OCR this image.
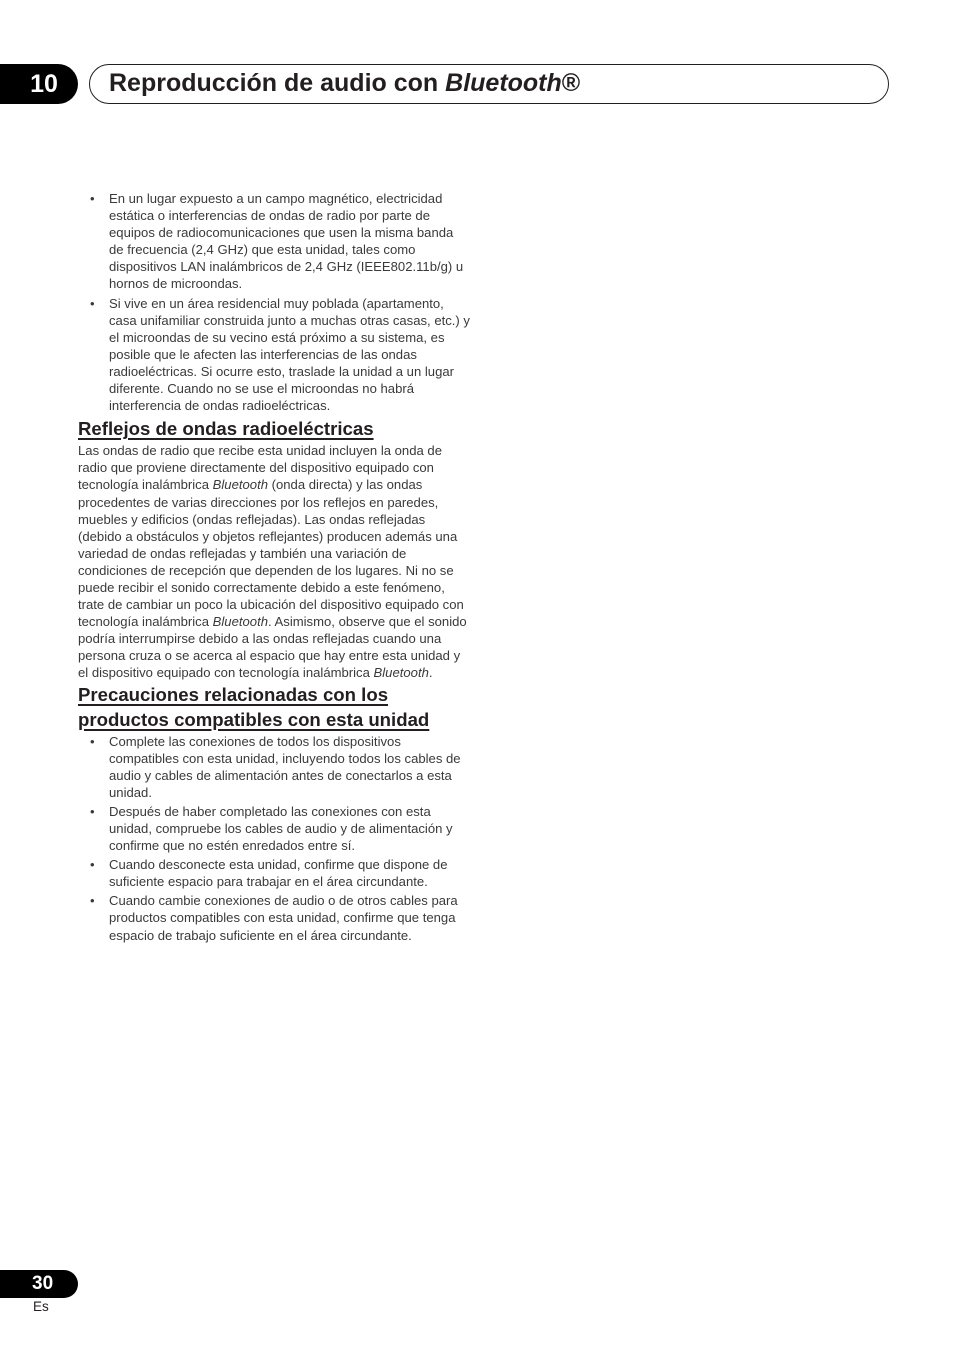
10	Reproducción de audio con Bluetooth®
• En un lugar expuesto a un campo magnético, electricidad estática o interferencias de ondas de radio por parte de equipos de radiocomunicaciones que usen la misma banda de frecuencia (2,4 GHz) que esta unidad, tales como dispositivos LAN inalámbricos de 2,4 GHz (IEEE802.11b/g) u hornos de microondas.
• Si vive en un área residencial muy poblada (apartamento, casa unifamiliar construida junto a muchas otras casas, etc.) y el microondas de su vecino está próximo a su sistema, es posible que le afecten las interferencias de las ondas radioeléctricas. Si ocurre esto, traslade la unidad a un lugar diferente. Cuando no se use el microondas no habrá interferencia de ondas radioeléctricas.
Reflejos de ondas radioeléctricas

Las ondas de radio que recibe esta unidad incluyen la onda de radio que proviene directamente del dispositivo equipado con tecnología inalámbrica Bluetooth (onda directa) y las ondas procedentes de varias direcciones por los reflejos en paredes, muebles y edificios (ondas reflejadas). Las ondas reflejadas (debido a obstáculos y objetos reflejantes) producen además una variedad de ondas reflejadas y también una variación de condiciones de recepción que dependen de los lugares. Ni no se puede recibir el sonido correctamente debido a este fenómeno, trate de cambiar un poco la ubicación del dispositivo equipado con tecnología inalámbrica Bluetooth. Asimismo, observe que el sonido podría interrumpirse debido a las ondas reflejadas cuando una persona cruza o se acerca al espacio que hay entre esta unidad y el dispositivo equipado con tecnología inalámbrica Bluetooth.

Precauciones relacionadas con los
productos compatibles con esta unidad
• Complete las conexiones de todos los dispositivos compatibles con esta unidad, incluyendo todos los cables de audio y cables de alimentación antes de conectarlos a esta unidad.
• Después de haber completado las conexiones con esta unidad, compruebe los cables de audio y de alimentación y confirme que no estén enredados entre sí.
• Cuando desconecte esta unidad, confirme que dispone de suficiente espacio para trabajar en el área circundante.
• Cuando cambie conexiones de audio o de otros cables para productos compatibles con esta unidad, confirme que tenga espacio de trabajo suficiente en el área circundante.
30
Es
